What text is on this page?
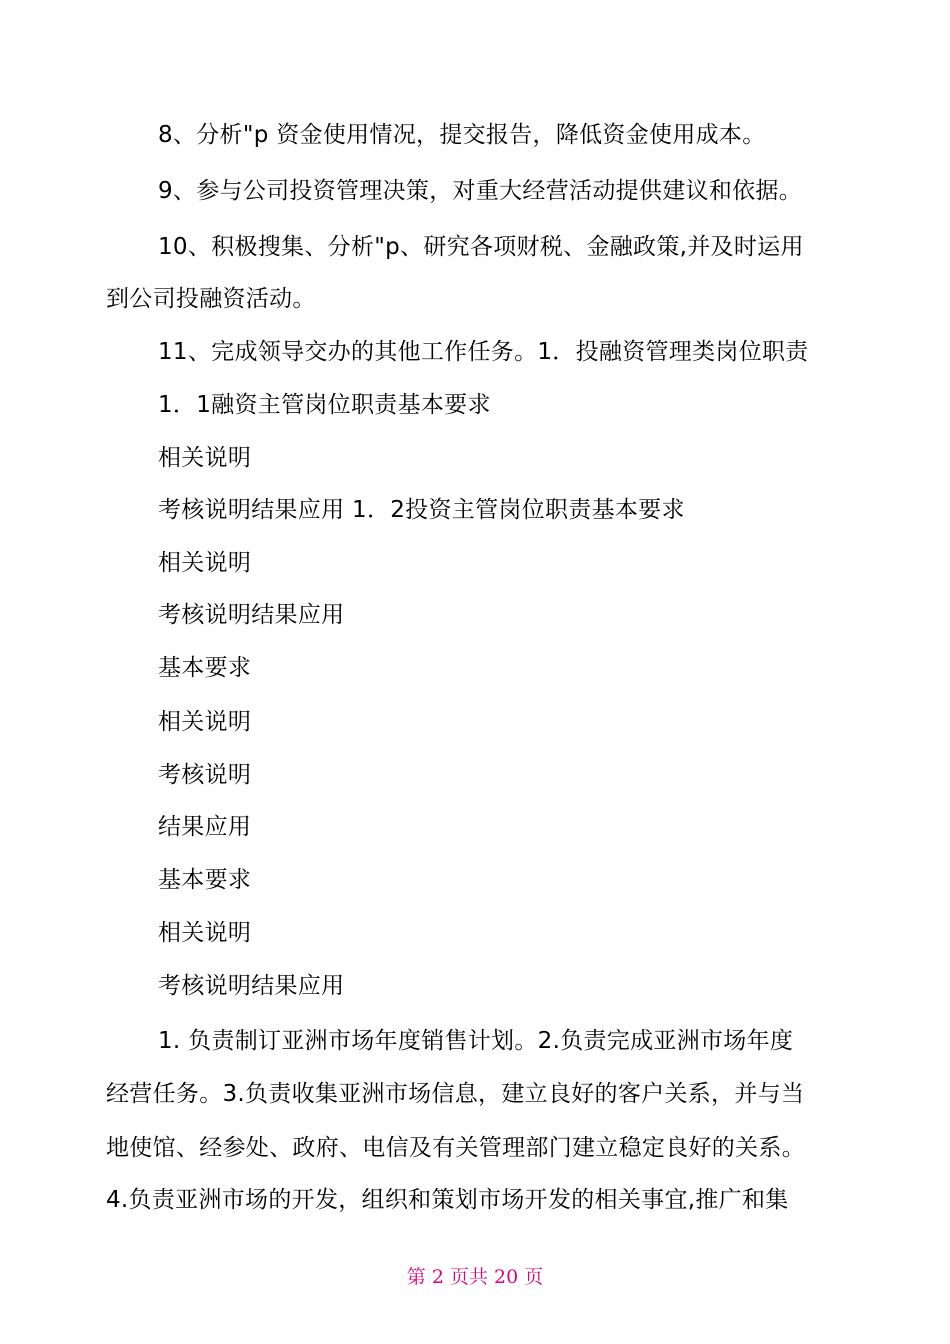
8、分析"p 资金使用情况，提交报告，降低资金使用成本。
9、参与公司投资管理决策，对重大经营活动提供建议和依据。
10、积极搜集、分析"p、研究各项财税、金融政策,并及时运用
到公司投融资活动。
11、完成领导交办的其他工作任务。1．投融资管理类岗位职责
1．1融资主管岗位职责基本要求
相关说明
考核说明结果应用 1．2投资主管岗位职责基本要求
相关说明
考核说明结果应用
基本要求
相关说明
考核说明
结果应用
基本要求
相关说明
考核说明结果应用
1. 负责制订亚洲市场年度销售计划。2.负责完成亚洲市场年度
经营任务。3.负责收集亚洲市场信息，建立良好的客户关系，并与当
地使馆、经参处、政府、电信及有关管理部门建立稳定良好的关系。
4.负责亚洲市场的开发，组织和策划市场开发的相关事宜,推广和集
第 2 页共 20 页
